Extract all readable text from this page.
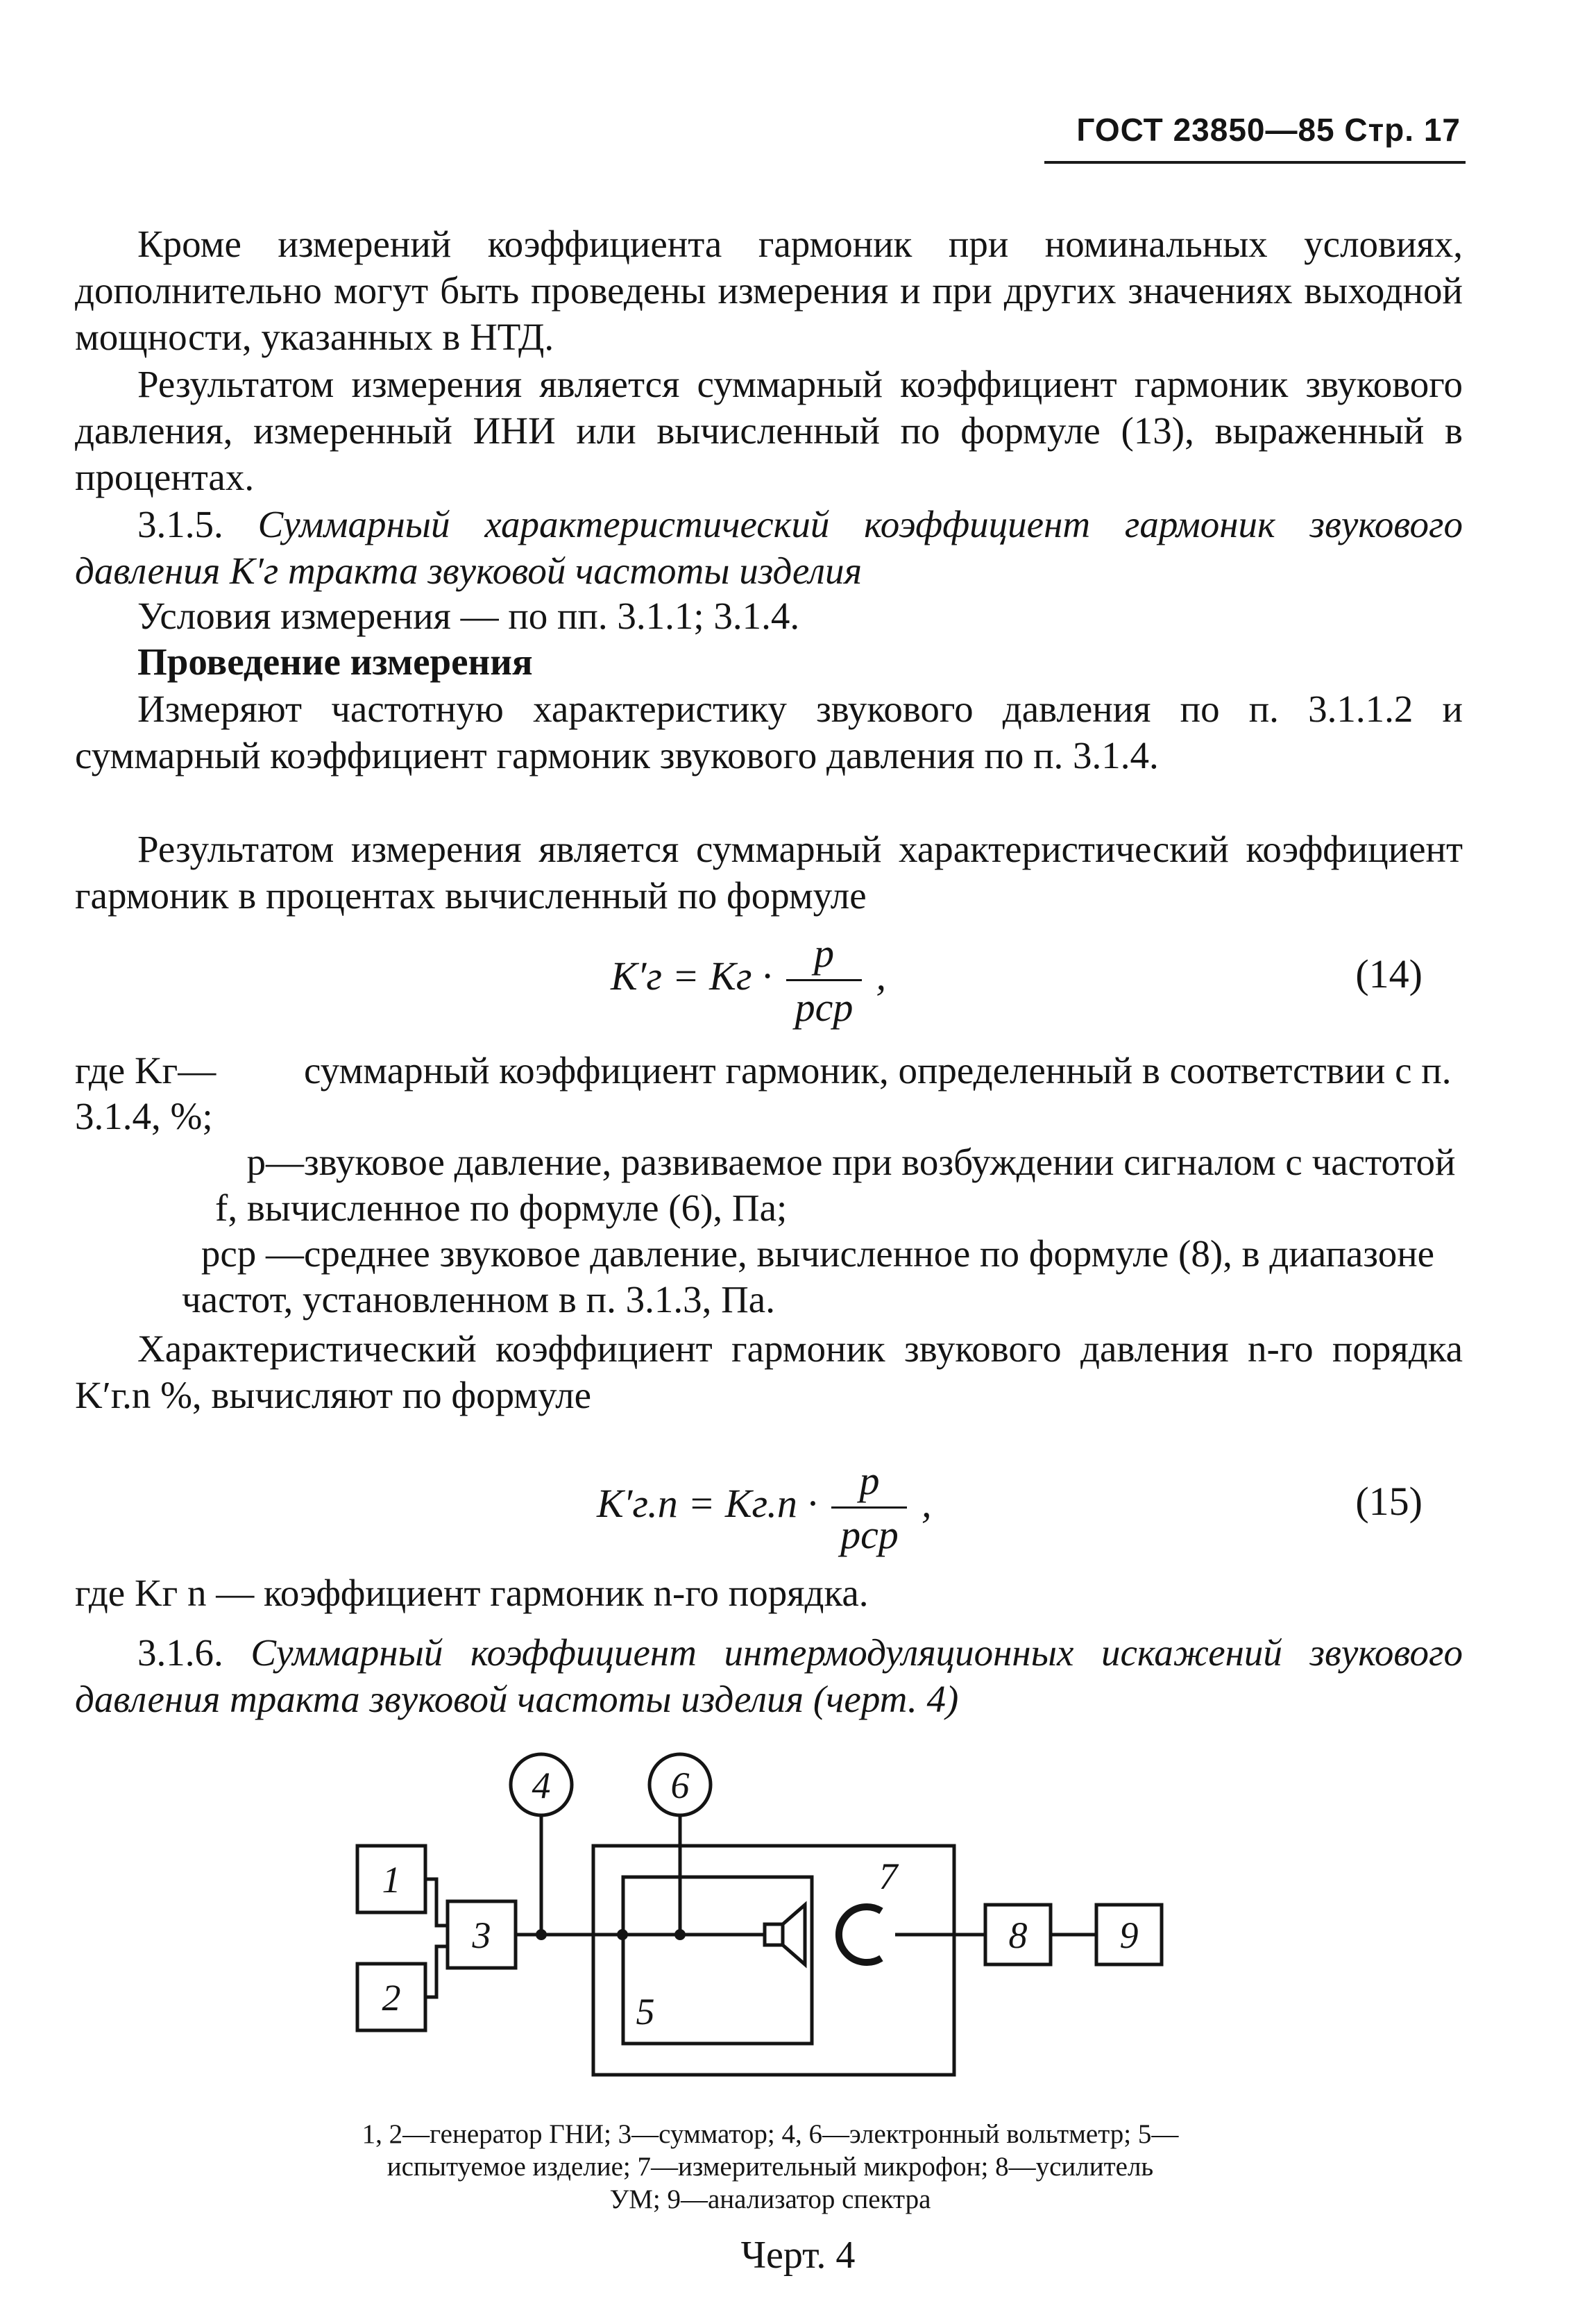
ГОСТ 23850—85 Стр. 17
Кроме измерений коэффициента гармоник при номинальных условиях, дополнительно могут быть проведены измерения и при других значениях выходной мощности, указанных в НТД.
Результатом измерения является суммарный коэффициент гармоник звукового давления, измеренный ИНИ или вычисленный по формуле (13), выраженный в процентах.
3.1.5. Суммарный характеристический коэффициент гармоник звукового давления K′г тракта звуковой частоты изделия
Условия измерения — по пп. 3.1.1; 3.1.4.
Проведение измерения
Измеряют частотную характеристику звукового давления по п. 3.1.1.2 и суммарный коэффициент гармоник звукового давления по п. 3.1.4.
Результатом измерения является суммарный характеристический коэффициент гармоник в процентах вычисленный по формуле
K′г = Kг · $\frac{p}{\text{pср}}$ ,	(14)
где Kг— суммарный коэффициент гармоник, определенный в соответствии с п. 3.1.4, %;
p—звуковое давление, развиваемое при возбуждении сигналом с частотой f, вычисленное по формуле (6), Па;
pср —среднее звуковое давление, вычисленное по формуле (8), в диапазоне частот, установленном в п. 3.1.3, Па.
Характеристический коэффициент гармоник звукового давления n-го порядка K′г.n %, вычисляют по формуле
$K'г.n = Kг.n \cdot \frac{p}{\text{pср}}$ ,	(15)
где Kг n — коэффициент гармоник n-го порядка.
3.1.6. Суммарный коэффициент интермодуляционных искажений звукового давления тракта звуковой частоты изделия (черт. 4)
1
2
3
4
5
6
7
8 9
1, 2—генератор ГНИ; 3—сумматор; 4, 6—электронный вольтметр; 5—испытуемое изделие; 7—измерительный микрофон; 8—усилитель УМ; 9—анализатор спектра
Черт. 4
